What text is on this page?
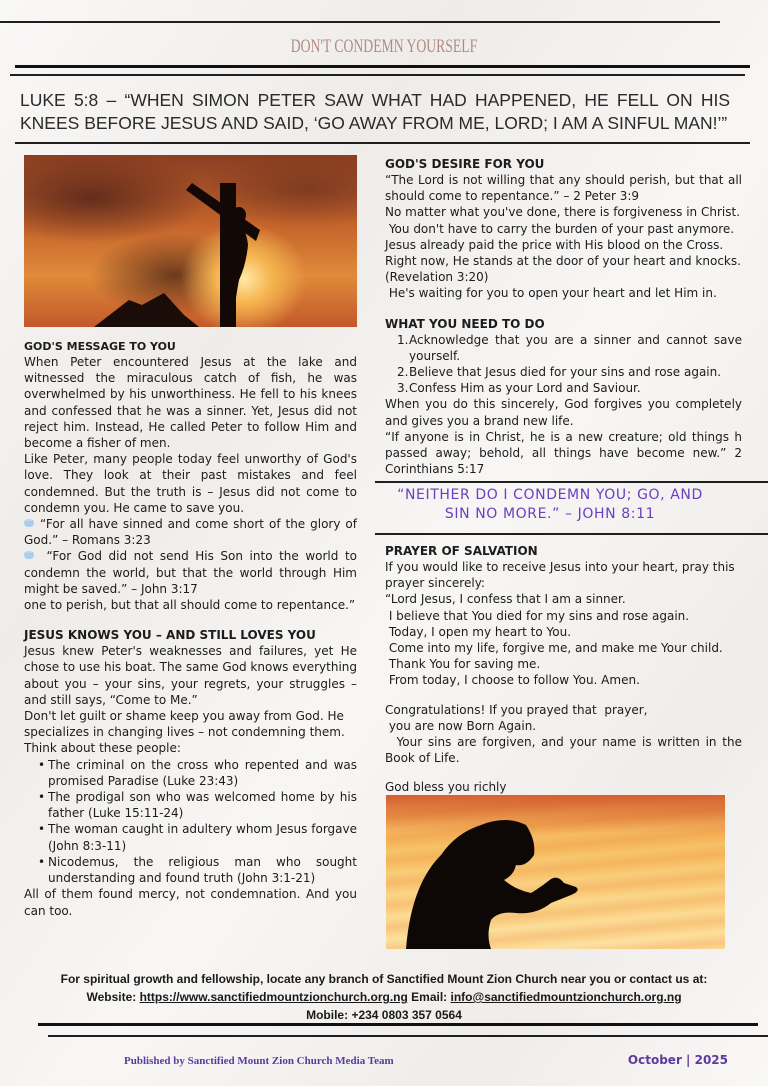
DON'T CONDEMN YOURSELF
LUKE 5:8 – “WHEN SIMON PETER SAW WHAT HAD HAPPENED, HE FELL ON HIS KNEES BEFORE JESUS AND SAID, ‘GO AWAY FROM ME, LORD; I AM A SINFUL MAN!’”
GOD'S MESSAGE TO YOU

When Peter encountered Jesus at the lake and witnessed the miraculous catch of fish, he was overwhelmed by his unworthiness. He fell to his knees and confessed that he was a sinner. Yet, Jesus did not reject him. Instead, He called Peter to follow Him and become a fisher of men.

Like Peter, many people today feel unworthy of God's love. They look at their past mistakes and feel condemned. But the truth is – Jesus did not come to condemn you. He came to save you.

···“For all have sinned and come short of the glory of God.” – Romans 3:23

··· “For God did not send His Son into the world to condemn the world, but that the world through Him might be saved.” – John 3:17

one to perish, but that all should come to repentance.”

JESUS KNOWS YOU – AND STILL LOVES YOU

Jesus knew Peter's weaknesses and failures, yet He chose to use his boat. The same God knows everything about you – your sins, your regrets, your struggles – and still says, “Come to Me.”

Don't let guilt or shame keep you away from God. He specializes in changing lives – not condemning them.

Think about these people:

• The criminal on the cross who repented and was promised Paradise (Luke 23:43)
• The prodigal son who was welcomed home by his father (Luke 15:11-24)
• The woman caught in adultery whom Jesus forgave (John 8:3-11)
• Nicodemus, the religious man who sought understanding and found truth (John 3:1-21)

All of them found mercy, not condemnation. And you can too.

GOD'S DESIRE FOR YOU

“The Lord is not willing that any should perish, but that all should come to repentance.” – 2 Peter 3:9

No matter what you've done, there is forgiveness in Christ.

You don't have to carry the burden of your past anymore.

Jesus already paid the price with His blood on the Cross.

Right now, He stands at the door of your heart and knocks. (Revelation 3:20)

He's waiting for you to open your heart and let Him in.

WHAT YOU NEED TO DO
1. Acknowledge that you are a sinner and cannot save yourself.
2. Believe that Jesus died for your sins and rose again.
3. Confess Him as your Lord and Saviour.

When you do this sincerely, God forgives you completely and gives you a brand new life.

“If anyone is in Christ, he is a new creature; old things h passed away; behold, all things have become new.” 2 Corinthians 5:17

“NEITHER DO I CONDEMN YOU; GO, AND
SIN NO MORE.” – JOHN 8:11
PRAYER OF SALVATION

If you would like to receive Jesus into your heart, pray this prayer sincerely:

“Lord Jesus, I confess that I am a sinner.

I believe that You died for my sins and rose again.

Today, I open my heart to You.

Come into my life, forgive me, and make me Your child.

Thank You for saving me.

From today, I choose to follow You. Amen.

Congratulations! If you prayed that  prayer,

you are now Born Again.

Your sins are forgiven, and your name is written in the Book of Life.

God bless you richly

For spiritual growth and fellowship, locate any branch of Sanctified Mount Zion Church near you or contact us at:
Website: https://www.sanctifiedmountzionchurch.org.ng Email: info@sanctifiedmountzionchurch.org.ng
Mobile: +234 0803 357 0564
Published by Sanctified Mount Zion Church Media Team	October | 2025
